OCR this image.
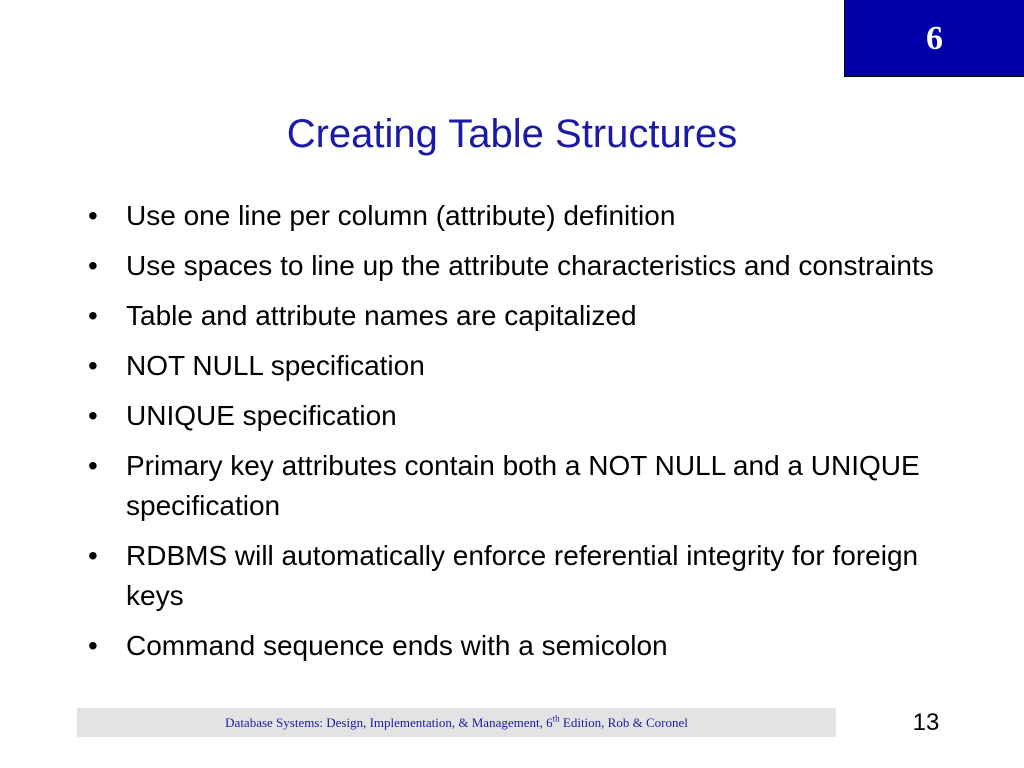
6
Creating Table Structures
•	Use one line per column (attribute) definition
•	Use spaces to line up the attribute characteristics and constraints
•	Table and attribute names are capitalized
•	NOT NULL specification
•	UNIQUE specification
•	Primary key attributes contain both a NOT NULL and a UNIQUE specification
•	RDBMS will automatically enforce referential integrity for foreign keys
•	Command sequence ends with a semicolon
Database Systems: Design, Implementation, & Management, 6th Edition, Rob & Coronel	13
